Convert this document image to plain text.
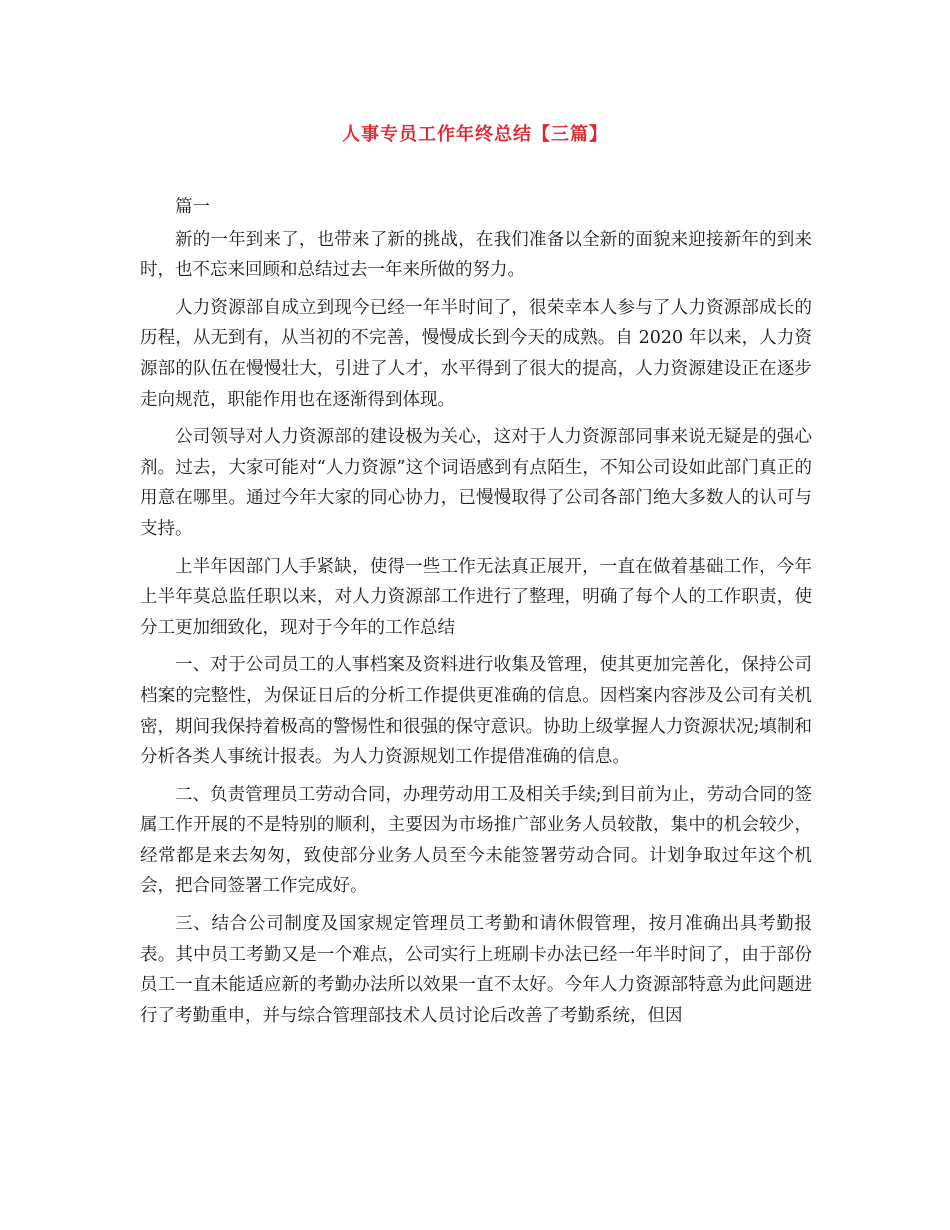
人事专员工作年终总结【三篇】

篇一

新的一年到来了，也带来了新的挑战，在我们准备以全新的面貌来迎接新年的到来时，也不忘来回顾和总结过去一年来所做的努力。

人力资源部自成立到现今已经一年半时间了，很荣幸本人参与了人力资源部成长的历程，从无到有，从当初的不完善，慢慢成长到今天的成熟。自 2020 年以来，人力资源部的队伍在慢慢壮大，引进了人才，水平得到了很大的提高，人力资源建设正在逐步走向规范，职能作用也在逐渐得到体现。

公司领导对人力资源部的建设极为关心，这对于人力资源部同事来说无疑是的强心剂。过去，大家可能对“人力资源”这个词语感到有点陌生，不知公司设如此部门真正的用意在哪里。通过今年大家的同心协力，已慢慢取得了公司各部门绝大多数人的认可与支持。

上半年因部门人手紧缺，使得一些工作无法真正展开，一直在做着基础工作，今年上半年莫总监任职以来，对人力资源部工作进行了整理，明确了每个人的工作职责，使分工更加细致化，现对于今年的工作总结

一、对于公司员工的人事档案及资料进行收集及管理，使其更加完善化，保持公司档案的完整性，为保证日后的分析工作提供更准确的信息。因档案内容涉及公司有关机密，期间我保持着极高的警惕性和很强的保守意识。协助上级掌握人力资源状况;填制和分析各类人事统计报表。为人力资源规划工作提借准确的信息。

二、负责管理员工劳动合同，办理劳动用工及相关手续;到目前为止，劳动合同的签属工作开展的不是特别的顺利，主要因为市场推广部业务人员较散，集中的机会较少，经常都是来去匆匆，致使部分业务人员至今未能签署劳动合同。计划争取过年这个机会，把合同签署工作完成好。

三、结合公司制度及国家规定管理员工考勤和请休假管理，按月准确出具考勤报表。其中员工考勤又是一个难点，公司实行上班刷卡办法已经一年半时间了，由于部份员工一直未能适应新的考勤办法所以效果一直不太好。今年人力资源部特意为此问题进行了考勤重申，并与综合管理部技术人员讨论后改善了考勤系统，但因
